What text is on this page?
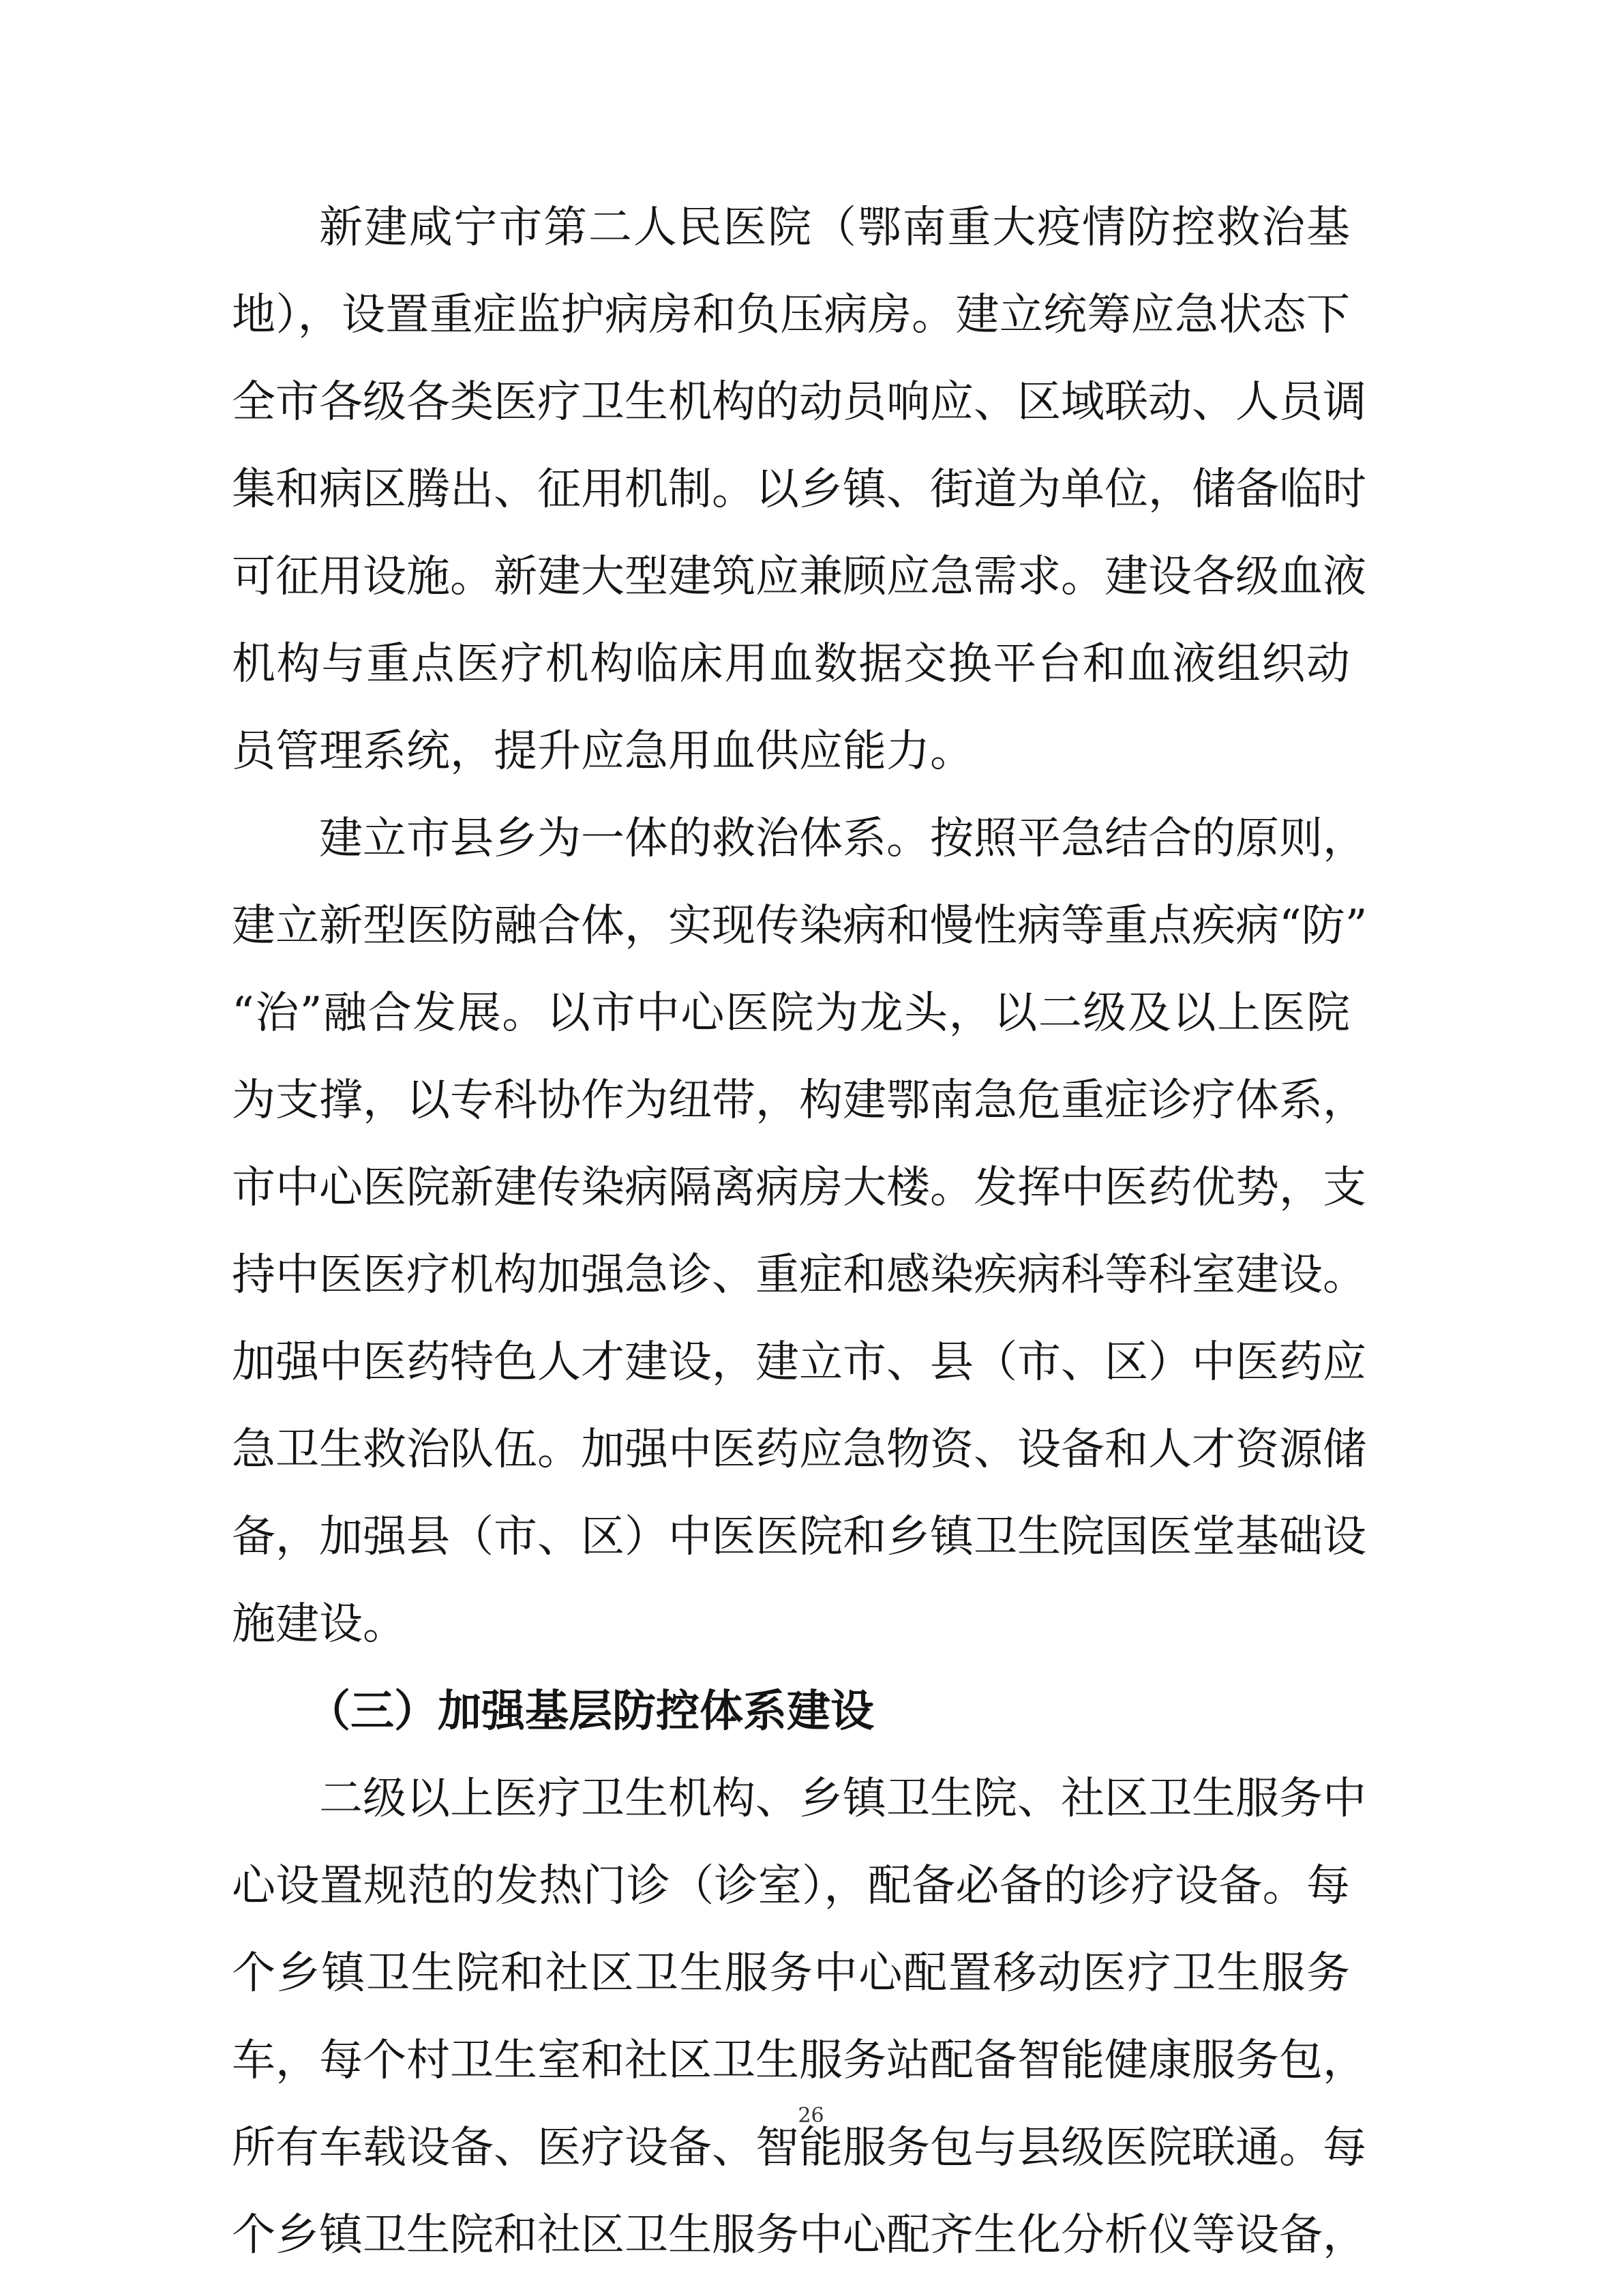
新建咸宁市第二人民医院（鄂南重大疫情防控救治基
地），设置重症监护病房和负压病房。建立统筹应急状态下
全市各级各类医疗卫生机构的动员响应、区域联动、人员调
集和病区腾出、征用机制。以乡镇、街道为单位，储备临时
可征用设施。新建大型建筑应兼顾应急需求。建设各级血液
机构与重点医疗机构临床用血数据交换平台和血液组织动
员管理系统，提升应急用血供应能力。
建立市县乡为一体的救治体系。按照平急结合的原则，
建立新型医防融合体，实现传染病和慢性病等重点疾病“防”
“治”融合发展。以市中心医院为龙头，以二级及以上医院
为支撑，以专科协作为纽带，构建鄂南急危重症诊疗体系，
市中心医院新建传染病隔离病房大楼。发挥中医药优势，支
持中医医疗机构加强急诊、重症和感染疾病科等科室建设。
加强中医药特色人才建设，建立市、县（市、区）中医药应
急卫生救治队伍。加强中医药应急物资、设备和人才资源储
备，加强县（市、区）中医医院和乡镇卫生院国医堂基础设
施建设。
（三）加强基层防控体系建设
二级以上医疗卫生机构、乡镇卫生院、社区卫生服务中
心设置规范的发热门诊（诊室），配备必备的诊疗设备。每
个乡镇卫生院和社区卫生服务中心配置移动医疗卫生服务
车，每个村卫生室和社区卫生服务站配备智能健康服务包，
所有车载设备、医疗设备、智能服务包与县级医院联通。每
个乡镇卫生院和社区卫生服务中心配齐生化分析仪等设备，
26
